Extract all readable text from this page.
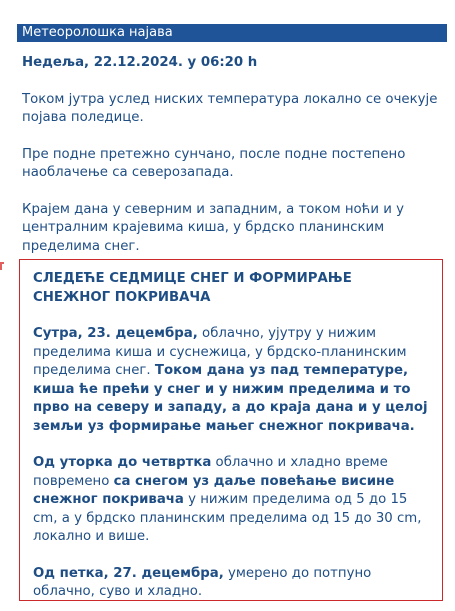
Метеоролошка најава

Недеља, 22.12.2024. у 06:20 h

Током јутра услед ниских температура локално се очекује појава поледице.

Пре подне претежно сунчано, после подне постепено наоблачење са северозапада.

Крајем дана у северним и западним, а током ноћи и у централним крајевима киша, у брдско планинским пределима снег.

СЛЕДЕЋЕ СЕДМИЦЕ СНЕГ И ФОРМИРАЊЕ СНЕЖНОГ ПОКРИВАЧА

Сутра, 23. децембра, облачно, ујутру у нижим пределима киша и суснежица, у брдско-планинским пределима снег. Током дана уз пад температуре, киша ће прећи у снег и у нижим пределима и то прво на северу и западу, а до краја дана и у целој земљи уз формирање мањег снежног покривача.

Од уторка до четвртка облачно и хладно време повремено са снегом уз даље повећање висине снежног покривача у нижим пределима од 5 до 15 cm, а у брдско планинским пределима од 15 до 30 cm, локално и више.

Од петка, 27. децембра, умерено до потпуно облачно, суво и хладно.
